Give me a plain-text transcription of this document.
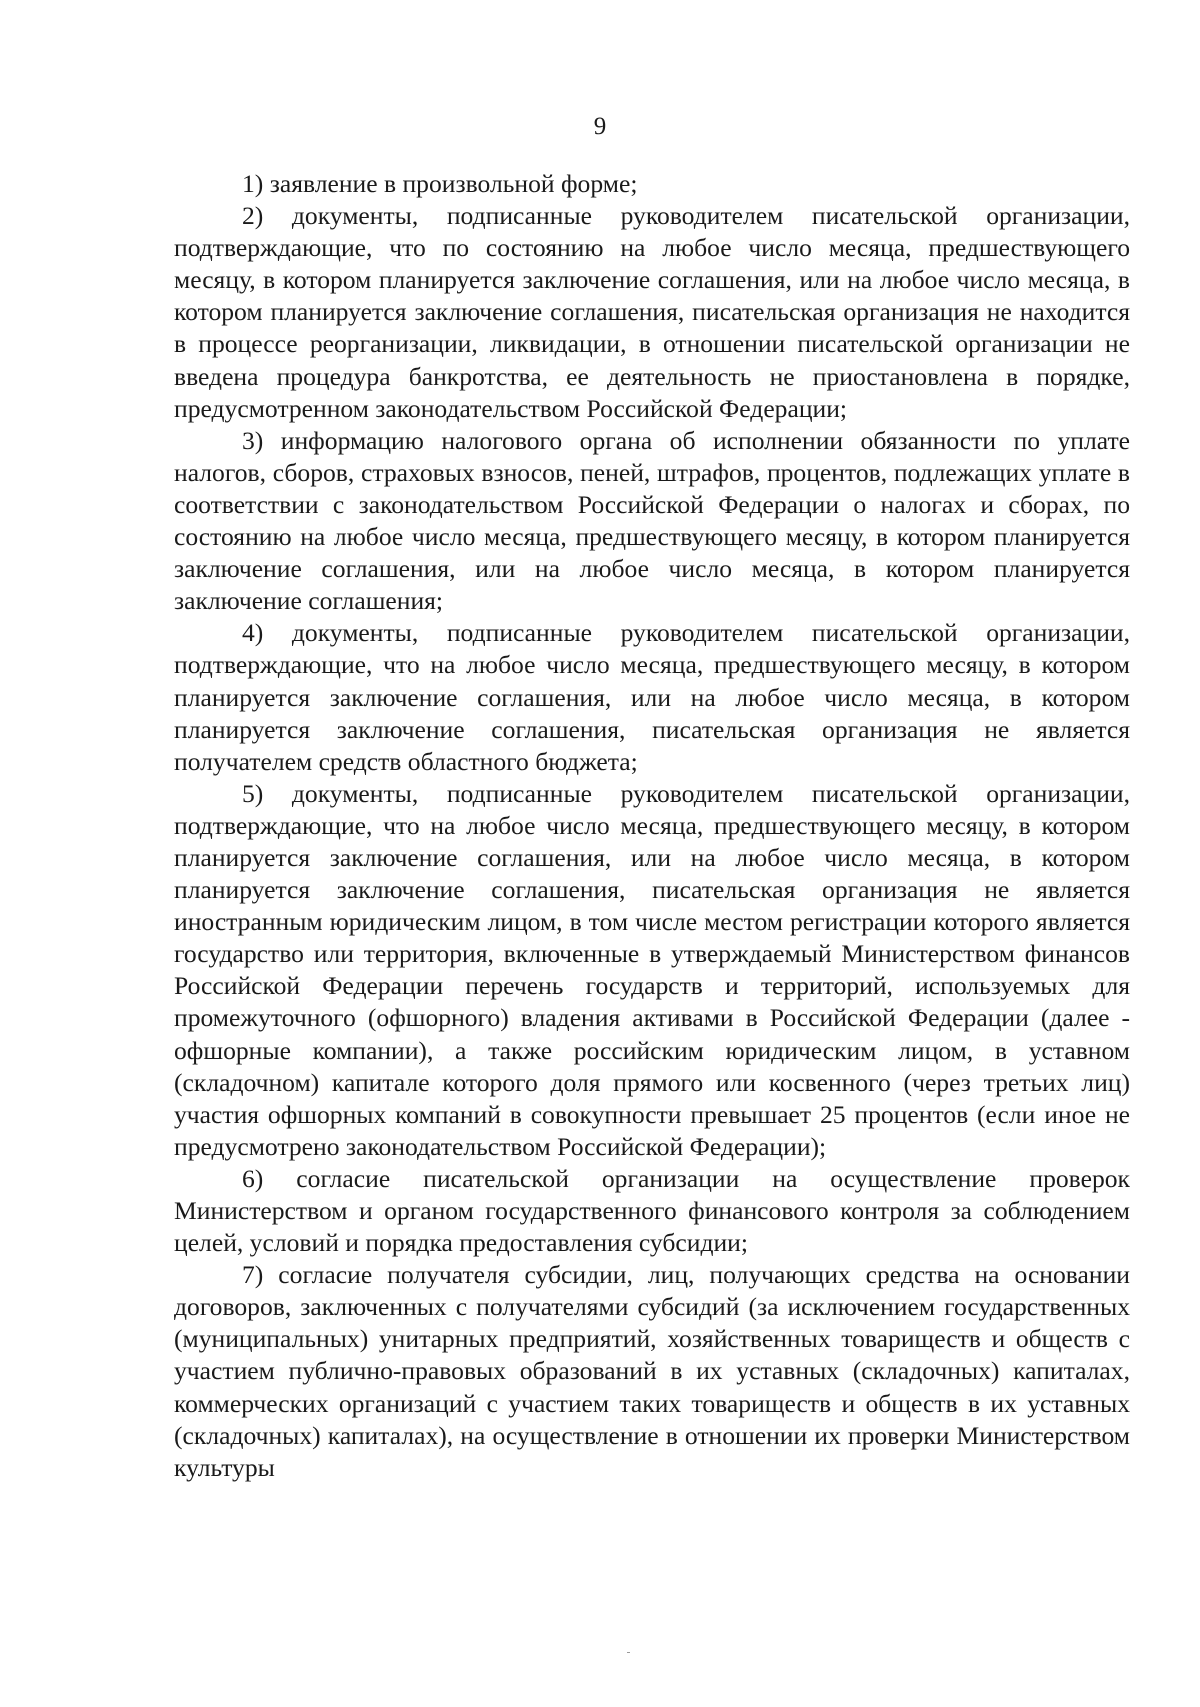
9

1) заявление в произвольной форме;

2) документы, подписанные руководителем писательской организации, подтверждающие, что по состоянию на любое число месяца, предшествующего месяцу, в котором планируется заключение соглашения, или на любое число месяца, в котором планируется заключение соглашения, писательская организация не находится в процессе реорганизации, ликвидации, в отношении писательской организации не введена процедура банкротства, ее деятельность не приостановлена в порядке, предусмотренном законодательством Российской Федерации;

3) информацию налогового органа об исполнении обязанности по уплате налогов, сборов, страховых взносов, пеней, штрафов, процентов, подлежащих уплате в соответствии с законодательством Российской Федерации о налогах и сборах, по состоянию на любое число месяца, предшествующего месяцу, в котором планируется заключение соглашения, или на любое число месяца, в котором планируется заключение соглашения;

4) документы, подписанные руководителем писательской организации, подтверждающие, что на любое число месяца, предшествующего месяцу, в котором планируется заключение соглашения, или на любое число месяца, в котором планируется заключение соглашения, писательская организация не является получателем средств областного бюджета;

5) документы, подписанные руководителем писательской организации, подтверждающие, что на любое число месяца, предшествующего месяцу, в котором планируется заключение соглашения, или на любое число месяца, в котором планируется заключение соглашения, писательская организация не является иностранным юридическим лицом, в том числе местом регистрации которого является государство или территория, включенные в утверждаемый Министерством финансов Российской Федерации перечень государств и территорий, используемых для промежуточного (офшорного) владения активами в Российской Федерации (далее - офшорные компании), а также российским юридическим лицом, в уставном (складочном) капитале которого доля прямого или косвенного (через третьих лиц) участия офшорных компаний в совокупности превышает 25 процентов (если иное не предусмотрено законодательством Российской Федерации);

6) согласие писательской организации на осуществление проверок Министерством и органом государственного финансового контроля за соблюдением целей, условий и порядка предоставления субсидии;

7) согласие получателя субсидии, лиц, получающих средства на основании договоров, заключенных с получателями субсидий (за исключением государственных (муниципальных) унитарных предприятий, хозяйственных товариществ и обществ с участием публично-правовых образований в их уставных (складочных) капиталах, коммерческих организаций с участием таких товариществ и обществ в их уставных (складочных) капиталах), на осуществление в отношении их проверки Министерством культуры
